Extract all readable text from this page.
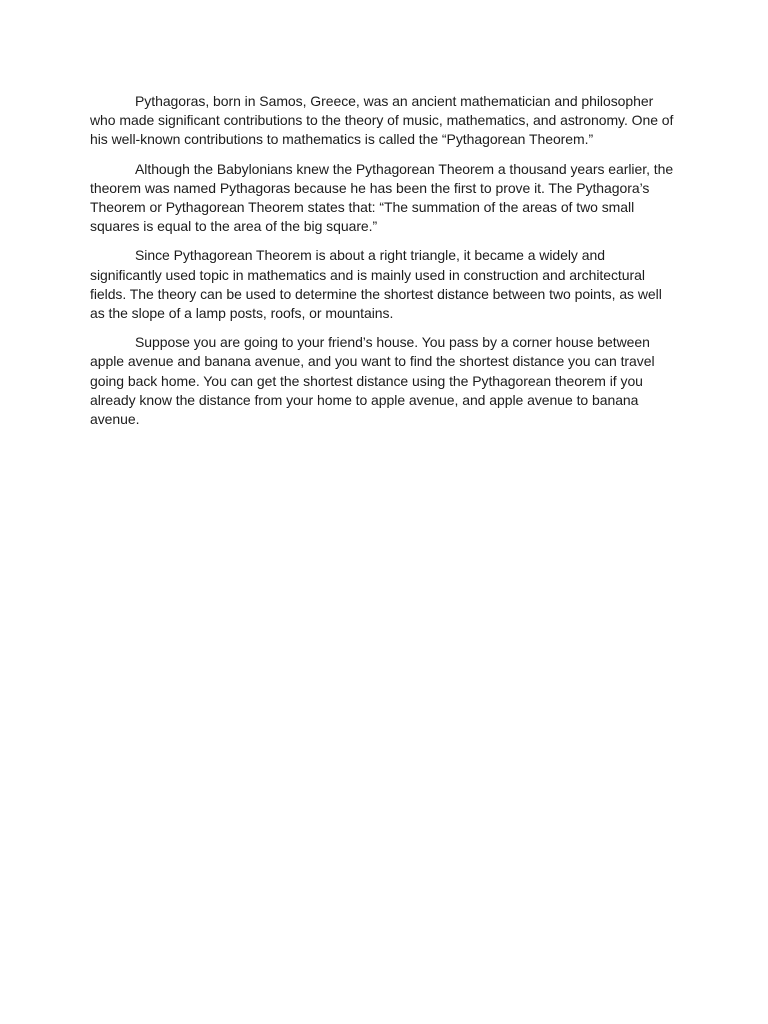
Pythagoras, born in Samos, Greece, was an ancient mathematician and philosopher who made significant contributions to the theory of music, mathematics, and astronomy. One of his well-known contributions to mathematics is called the “Pythagorean Theorem.”

Although the Babylonians knew the Pythagorean Theorem a thousand years earlier, the theorem was named Pythagoras because he has been the first to prove it. The Pythagora’s Theorem or Pythagorean Theorem states that: “The summation of the areas of two small squares is equal to the area of the big square.”

Since Pythagorean Theorem is about a right triangle, it became a widely and significantly used topic in mathematics and is mainly used in construction and architectural fields. The theory can be used to determine the shortest distance between two points, as well as the slope of a lamp posts, roofs, or mountains.

Suppose you are going to your friend’s house. You pass by a corner house between apple avenue and banana avenue, and you want to find the shortest distance you can travel going back home. You can get the shortest distance using the Pythagorean theorem if you already know the distance from your home to apple avenue, and apple avenue to banana avenue.
